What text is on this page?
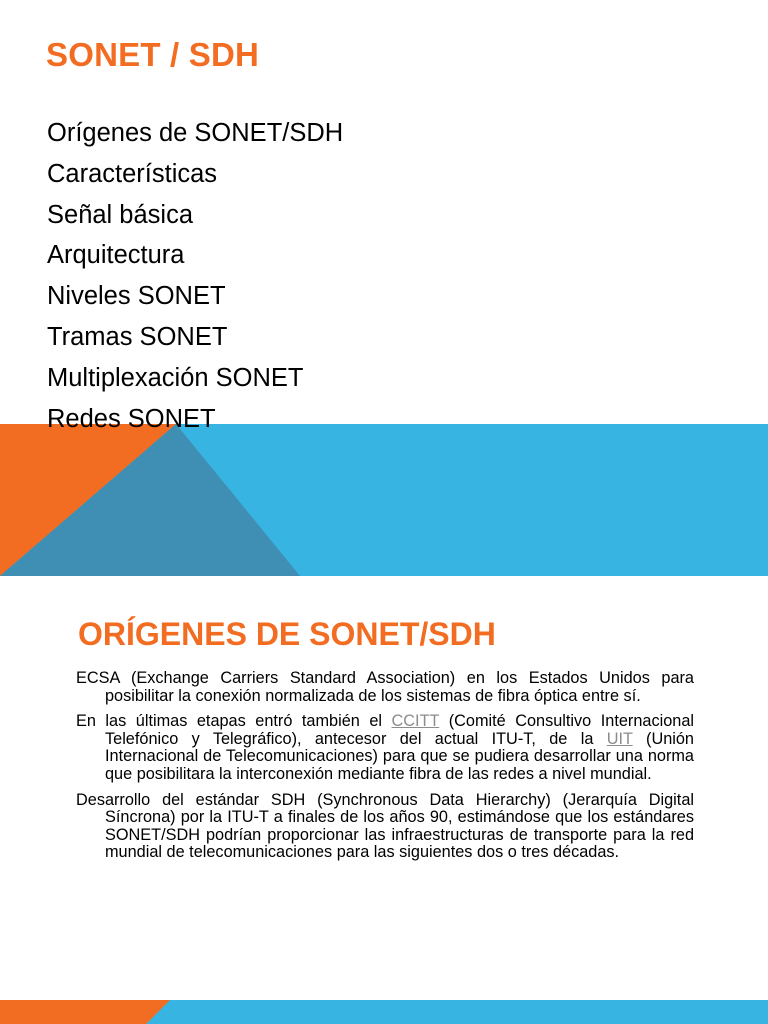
SONET / SDH
Orígenes de SONET/SDH
Características
Señal básica
Arquitectura
Niveles SONET
Tramas SONET
Multiplexación SONET
Redes SONET
ORÍGENES DE SONET/SDH

ECSA (Exchange Carriers Standard Association) en los Estados Unidos para posibilitar la conexión normalizada de los sistemas de fibra óptica entre sí.

En las últimas etapas entró también el CCITT (Comité Consultivo Internacional Telefónico y Telegráfico), antecesor del actual ITU-T, de la UIT (Unión Internacional de Telecomunicaciones) para que se pudiera desarrollar una norma que posibilitara la interconexión mediante fibra de las redes a nivel mundial.

Desarrollo del estándar SDH (Synchronous Data Hierarchy) (Jerarquía Digital Síncrona) por la ITU-T a finales de los años 90, estimándose que los estándares SONET/SDH podrían proporcionar las infraestructuras de transporte para la red mundial de telecomunicaciones para las siguientes dos o tres décadas.
